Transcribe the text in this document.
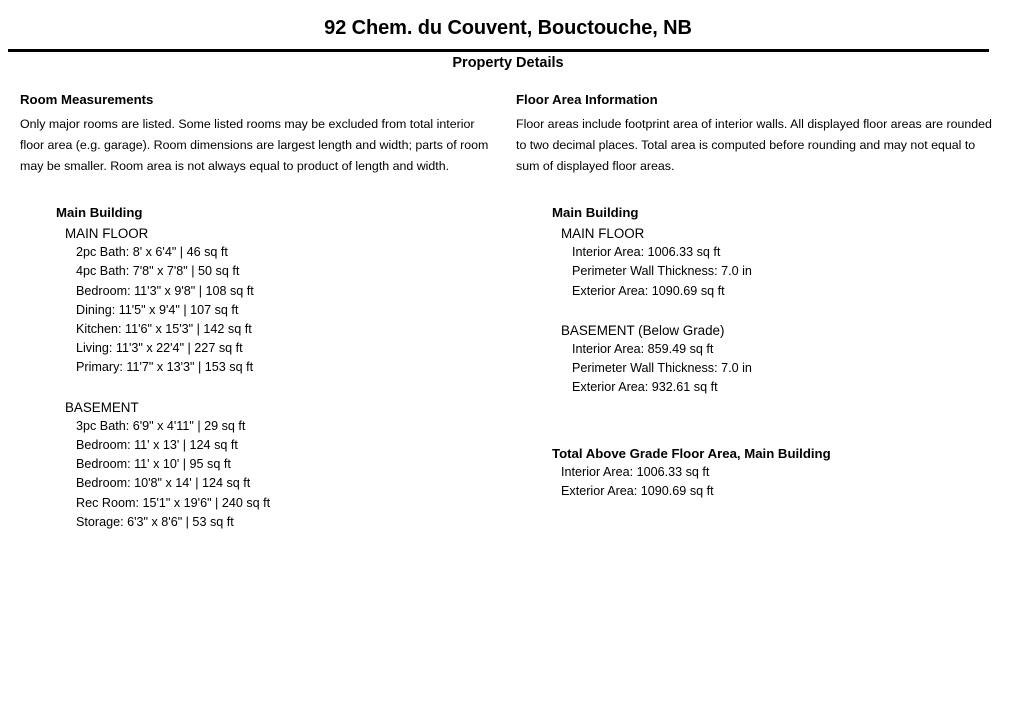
92 Chem. du Couvent, Bouctouche, NB
Property Details
Room Measurements

Only major rooms are listed. Some listed rooms may be excluded from total interior floor area (e.g. garage). Room dimensions are largest length and width; parts of room may be smaller. Room area is not always equal to product of length and width.

Main Building
MAIN FLOOR
2pc Bath: 8' x 6'4" | 46 sq ft
4pc Bath: 7'8" x 7'8" | 50 sq ft
Bedroom: 11'3" x 9'8" | 108 sq ft
Dining: 11'5" x 9'4" | 107 sq ft
Kitchen: 11'6" x 15'3" | 142 sq ft
Living: 11'3" x 22'4" | 227 sq ft
Primary: 11'7" x 13'3" | 153 sq ft
BASEMENT
3pc Bath: 6'9" x 4'11" | 29 sq ft
Bedroom: 11' x 13' | 124 sq ft
Bedroom: 11' x 10' | 95 sq ft
Bedroom: 10'8" x 14' | 124 sq ft
Rec Room: 15'1" x 19'6" | 240 sq ft
Storage: 6'3" x 8'6" | 53 sq ft
Floor Area Information

Floor areas include footprint area of interior walls. All displayed floor areas are rounded to two decimal places. Total area is computed before rounding and may not equal to sum of displayed floor areas.

Main Building
MAIN FLOOR
Interior Area: 1006.33 sq ft
Perimeter Wall Thickness: 7.0 in
Exterior Area: 1090.69 sq ft
BASEMENT (Below Grade)
Interior Area: 859.49 sq ft
Perimeter Wall Thickness: 7.0 in
Exterior Area: 932.61 sq ft
Total Above Grade Floor Area, Main Building
Interior Area: 1006.33 sq ft
Exterior Area: 1090.69 sq ft
